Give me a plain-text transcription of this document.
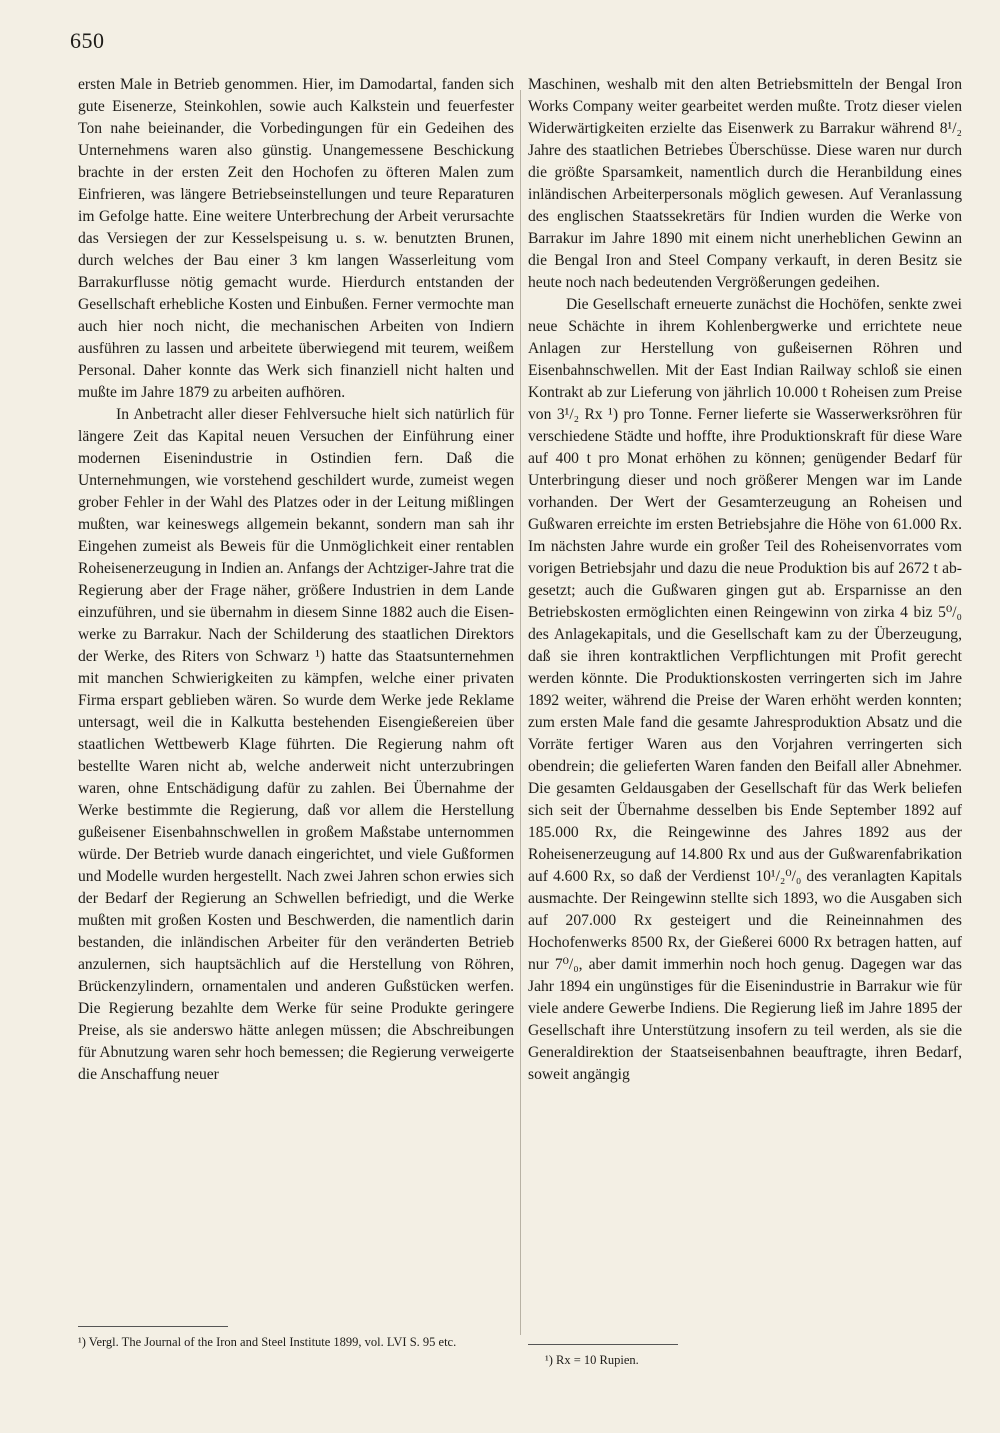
650

ersten Male in Betrieb genommen. Hier, im Damodartal, fanden sich gute Eisenerze, Steinkohlen, sowie auch Kalkstein und feuerfester Ton nahe beieinander, die Vorbedingungen für ein Gedeihen des Unternehmens waren also günstig. Unangemessene Beschickung brachte in der ersten Zeit den Hochofen zu öfteren Malen zum Einfrieren, was längere Betriebseinstellungen und teure Reparaturen im Gefolge hatte. Eine weitere Unterbrechung der Arbeit verursachte das Versiegen der zur Kesselspeisung u. s. w. benutzten Brunen, durch welches der Bau einer 3 km langen Wasserleitung vom Barrakurflusse nötig gemacht wurde. Hierdurch entstanden der Gesellschaft erhebliche Kosten und Einbußen. Ferner vermochte man auch hier noch nicht, die mechanischen Arbeiten von Indiern ausführen zu lassen und arbeitete überwiegend mit teurem, weißem Personal. Daher konnte das Werk sich finanziell nicht halten und mußte im Jahre 1879 zu arbeiten aufhören.

In Anbetracht aller dieser Fehlversuche hielt sich natürlich für längere Zeit das Kapital neuen Versuchen der Einführung einer modernen Eisenindustrie in Ostindien fern. Daß die Unternehmungen, wie vorstehend geschildert wurde, zumeist wegen grober Fehler in der Wahl des Platzes oder in der Leitung mißlingen mußten, war keineswegs allgemein bekannt, sondern man sah ihr Eingehen zumeist als Beweis für die Unmöglichkeit einer rentablen Roheisenerzeugung in Indien an. Anfangs der Achtziger-Jahre trat die Regierung aber der Frage näher, größere Industrien in dem Lande einzuführen, und sie übernahm in diesem Sinne 1882 auch die Eisenwerke zu Barrakur. Nach der Schilderung des staatlichen Direktors der Werke, des Riters von Schwarz ¹) hatte das Staatsunternehmen mit manchen Schwierigkeiten zu kämpfen, welche einer privaten Firma erspart geblieben wären. So wurde dem Werke jede Reklame untersagt, weil die in Kalkutta bestehenden Eisengießereien über staatlichen Wettbewerb Klage führten. Die Regierung nahm oft bestellte Waren nicht ab, welche anderweit nicht unterzubringen waren, ohne Entschädigung dafür zu zahlen. Bei Übernahme der Werke bestimmte die Regierung, daß vor allem die Herstellung gußeisener Eisenbahnschwellen in großem Maßstabe unternommen würde. Der Betrieb wurde danach eingerichtet, und viele Gußformen und Modelle wurden hergestellt. Nach zwei Jahren schon erwies sich der Bedarf der Regierung an Schwellen befriedigt, und die Werke mußten mit großen Kosten und Beschwerden, die namentlich darin bestanden, die inländischen Arbeiter für den veränderten Betrieb anzulernen, sich hauptsächlich auf die Herstellung von Röhren, Brückenzylindern, ornamentalen und anderen Gußstücken werfen. Die Regierung bezahlte dem Werke für seine Produkte geringere Preise, als sie anderswo hätte anlegen müssen; die Abschreibungen für Abnutzung waren sehr hoch bemessen; die Regierung verweigerte die Anschaffung neuer

Maschinen, weshalb mit den alten Betriebsmitteln der Bengal Iron Works Company weiter gearbeitet werden mußte. Trotz dieser vielen Widerwärtigkeiten erzielte das Eisenwerk zu Barrakur während 8¹/₂ Jahre des staatlichen Betriebes Überschüsse. Diese waren nur durch die größte Sparsamkeit, namentlich durch die Heranbildung eines inländischen Arbeiterpersonals möglich gewesen. Auf Veranlassung des englischen Staatssekretärs für Indien wurden die Werke von Barrakur im Jahre 1890 mit einem nicht unerheblichen Gewinn an die Bengal Iron and Steel Company verkauft, in deren Besitz sie heute noch nach bedeutenden Vergrößerungen gedeihen.

Die Gesellschaft erneuerte zunächst die Hochöfen, senkte zwei neue Schächte in ihrem Kohlenbergwerke und errichtete neue Anlagen zur Herstellung von gußeisernen Röhren und Eisenbahnschwellen. Mit der East Indian Railway schloß sie einen Kontrakt ab zur Lieferung von jährlich 10.000 t Roheisen zum Preise von 3¹/₂ Rx ¹) pro Tonne. Ferner lieferte sie Wasserwerksröhren für verschiedene Städte und hoffte, ihre Produktionskraft für diese Ware auf 400 t pro Monat erhöhen zu können; genügender Bedarf für Unterbringung dieser und noch größerer Mengen war im Lande vorhanden. Der Wert der Gesamterzeugung an Roheisen und Gußwaren erreichte im ersten Betriebsjahre die Höhe von 61.000 Rx. Im nächsten Jahre wurde ein großer Teil des Roheisenvorrates vom vorigen Betriebsjahr und dazu die neue Produktion bis auf 2672 t abgesetzt; auch die Gußwaren gingen gut ab. Ersparnisse an den Betriebskosten ermöglichten einen Reingewinn von zirka 4 biz 5⁰/₀ des Anlagekapitals, und die Gesellschaft kam zu der Überzeugung, daß sie ihren kontraktlichen Verpflichtungen mit Profit gerecht werden könnte. Die Produktionskosten verringerten sich im Jahre 1892 weiter, während die Preise der Waren erhöht werden konnten; zum ersten Male fand die gesamte Jahresproduktion Absatz und die Vorräte fertiger Waren aus den Vorjahren verringerten sich obendrein; die gelieferten Waren fanden den Beifall aller Abnehmer. Die gesamten Geldausgaben der Gesellschaft für das Werk beliefen sich seit der Übernahme desselben bis Ende September 1892 auf 185.000 Rx, die Reingewinne des Jahres 1892 aus der Roheisenerzeugung auf 14.800 Rx und aus der Gußwarenfabrikation auf 4.600 Rx, so daß der Verdienst 10¹/₂⁰/₀ des veranlagten Kapitals ausmachte. Der Reingewinn stellte sich 1893, wo die Ausgaben sich auf 207.000 Rx gesteigert und die Reineinnahmen des Hochofenwerks 8500 Rx, der Gießerei 6000 Rx betragen hatten, auf nur 7⁰/₀, aber damit immerhin noch hoch genug. Dagegen war das Jahr 1894 ein ungünstiges für die Eisenindustrie in Barrakur wie für viele andere Gewerbe Indiens. Die Regierung ließ im Jahre 1895 der Gesellschaft ihre Unterstützung insofern zu teil werden, als sie die Generaldirektion der Staatseisenbahnen beauftragte, ihren Bedarf, soweit angängig

¹) Vergl. The Journal of the Iron and Steel Institute 1899, vol. LVI S. 95 etc.
¹) Rx = 10 Rupien.
